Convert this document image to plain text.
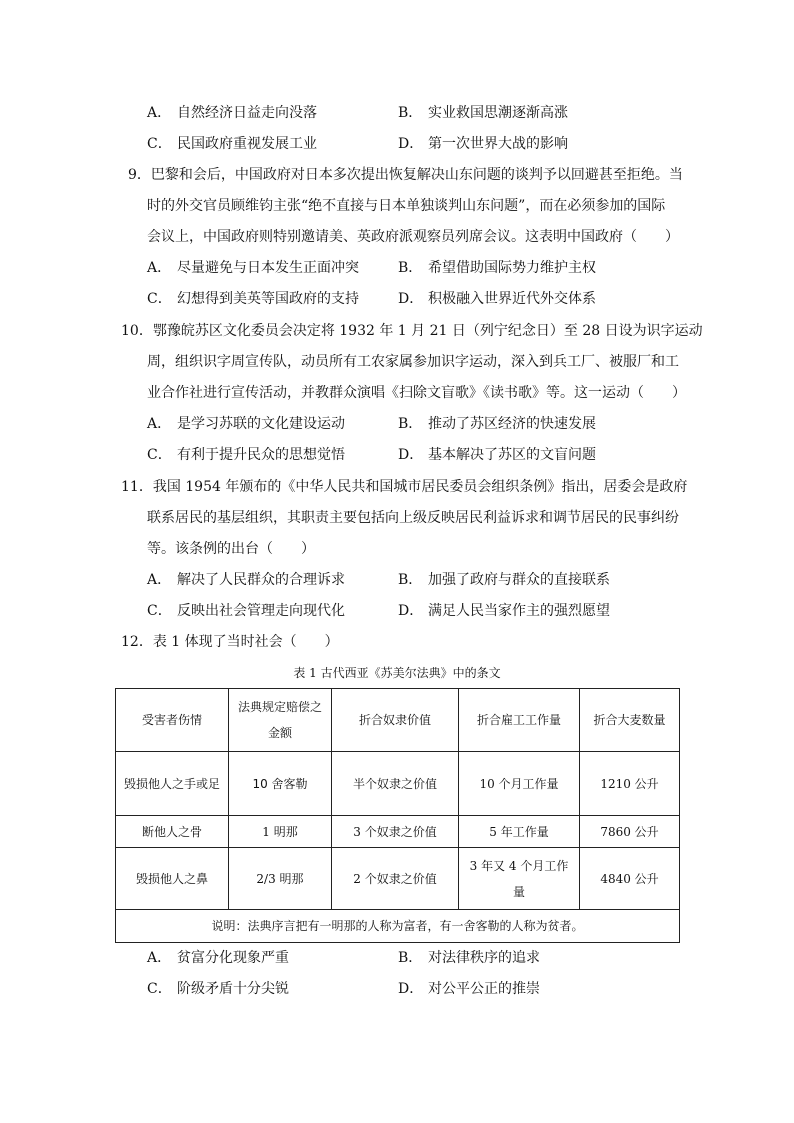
A． 自然经济日益走向没落	B． 实业救国思潮逐渐高涨
C． 民国政府重视发展工业	D． 第一次世界大战的影响
9．巴黎和会后，中国政府对日本多次提出恢复解决山东问题的谈判予以回避甚至拒绝。当
时的外交官员顾维钧主张“绝不直接与日本单独谈判山东问题”，而在必须参加的国际
会议上，中国政府则特别邀请美、英政府派观察员列席会议。这表明中国政府（　　）
A． 尽量避免与日本发生正面冲突	B． 希望借助国际势力维护主权
C． 幻想得到美英等国政府的支持	D． 积极融入世界近代外交体系
10．鄂豫皖苏区文化委员会决定将 1932 年 1 月 21 日（列宁纪念日）至 28 日设为识字运动
周，组织识字周宣传队，动员所有工农家属参加识字运动，深入到兵工厂、被服厂和工
业合作社进行宣传活动，并教群众演唱《扫除文盲歌》《读书歌》等。这一运动（　　）
A． 是学习苏联的文化建设运动	B． 推动了苏区经济的快速发展
C． 有利于提升民众的思想觉悟	D． 基本解决了苏区的文盲问题
11．我国 1954 年颁布的《中华人民共和国城市居民委员会组织条例》指出，居委会是政府
联系居民的基层组织，其职责主要包括向上级反映居民利益诉求和调节居民的民事纠纷
等。该条例的出台（　　）
A． 解决了人民群众的合理诉求	B． 加强了政府与群众的直接联系
C． 反映出社会管理走向现代化	D． 满足人民当家作主的强烈愿望
12．表 1 体现了当时社会（　　）
表 1 古代西亚《苏美尔法典》中的条文
受害者伤情	法典规定赔偿之金额	折合奴隶价值	折合雇工工作量	折合大麦数量
毁损他人之手或足	10 舍客勒	半个奴隶之价值	10 个月工作量	1210 公升
断他人之骨	1 明那	3 个奴隶之价值	5 年工作量	7860 公升
毁损他人之鼻	2/3 明那	2 个奴隶之价值	3 年又 4 个月工作量	4840 公升
说明：法典序言把有一明那的人称为富者，有一舍客勒的人称为贫者。				
A． 贫富分化现象严重	B． 对法律秩序的追求
C． 阶级矛盾十分尖锐	D． 对公平公正的推崇
